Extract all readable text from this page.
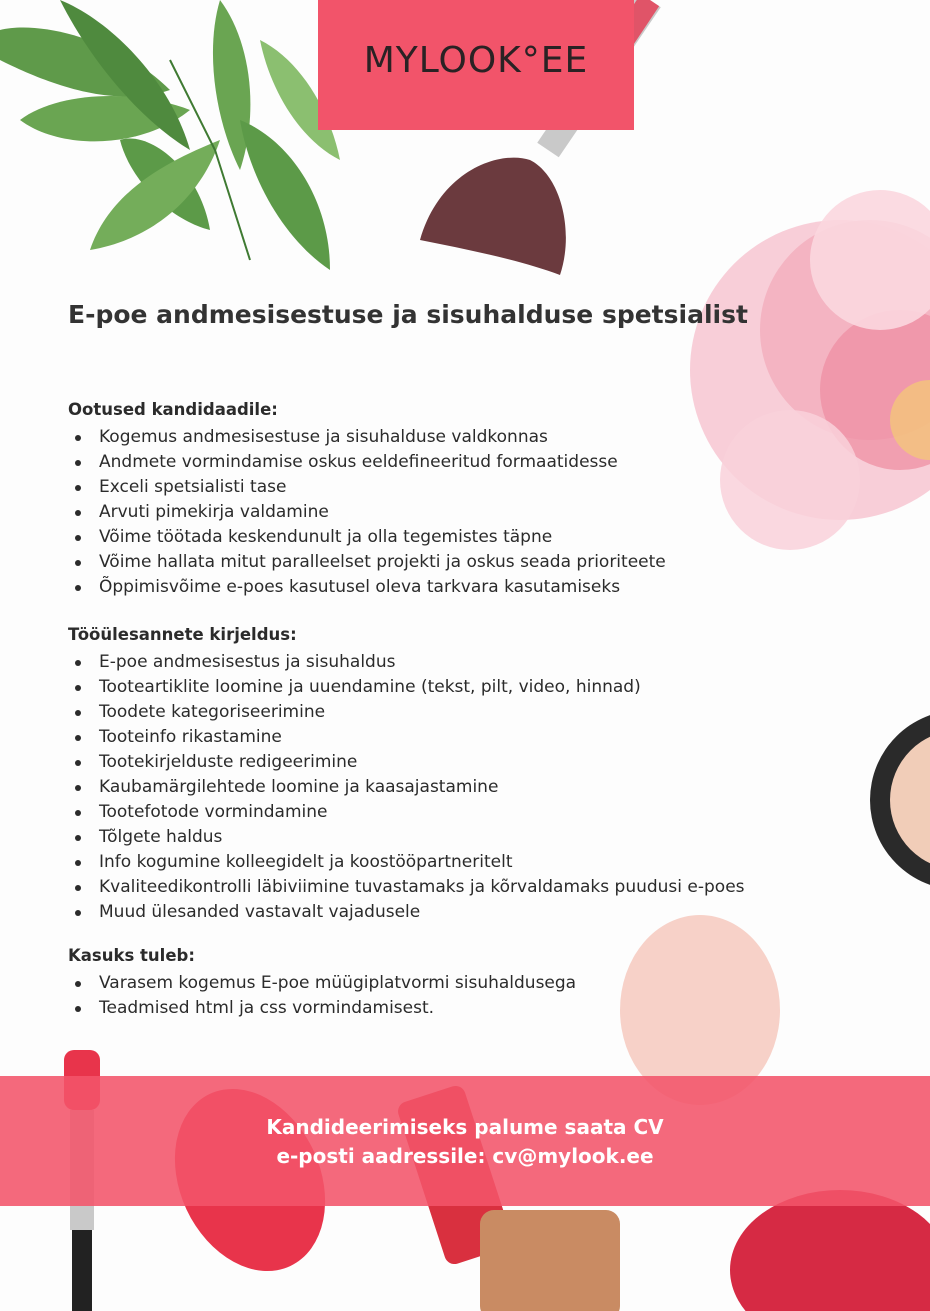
MYLOOK°EE
E-poe andmesisestuse ja sisuhalduse spetsialist
Ootused kandidaadile:
Kogemus andmesisestuse ja sisuhalduse valdkonnas
Andmete vormindamise oskus eeldefineeritud formaatidesse
Exceli spetsialisti tase
Arvuti pimekirja valdamine
Võime töötada keskendunult ja olla tegemistes täpne
Võime hallata mitut paralleelset projekti ja oskus seada prioriteete
Õppimisvõime e-poes kasutusel oleva tarkvara kasutamiseks
Tööülesannete kirjeldus:
E-poe andmesisestus ja sisuhaldus
Tooteartiklite loomine ja uuendamine (tekst, pilt, video, hinnad)
Toodete kategoriseerimine
Tooteinfo rikastamine
Tootekirjelduste redigeerimine
Kaubamärgilehtede loomine ja kaasajastamine
Tootefotode vormindamine
Tõlgete haldus
Info kogumine kolleegidelt ja koostööpartneritelt
Kvaliteedikontrolli läbiviimine tuvastamaks ja kõrvaldamaks puudusi e-poes
Muud ülesanded vastavalt vajadusele
Kasuks tuleb:
Varasem kogemus E-poe müügiplatvormi sisuhaldusega
Teadmised html ja css vormindamisest.
Kandideerimiseks palume saata CV
e-posti aadressile: cv@mylook.ee
